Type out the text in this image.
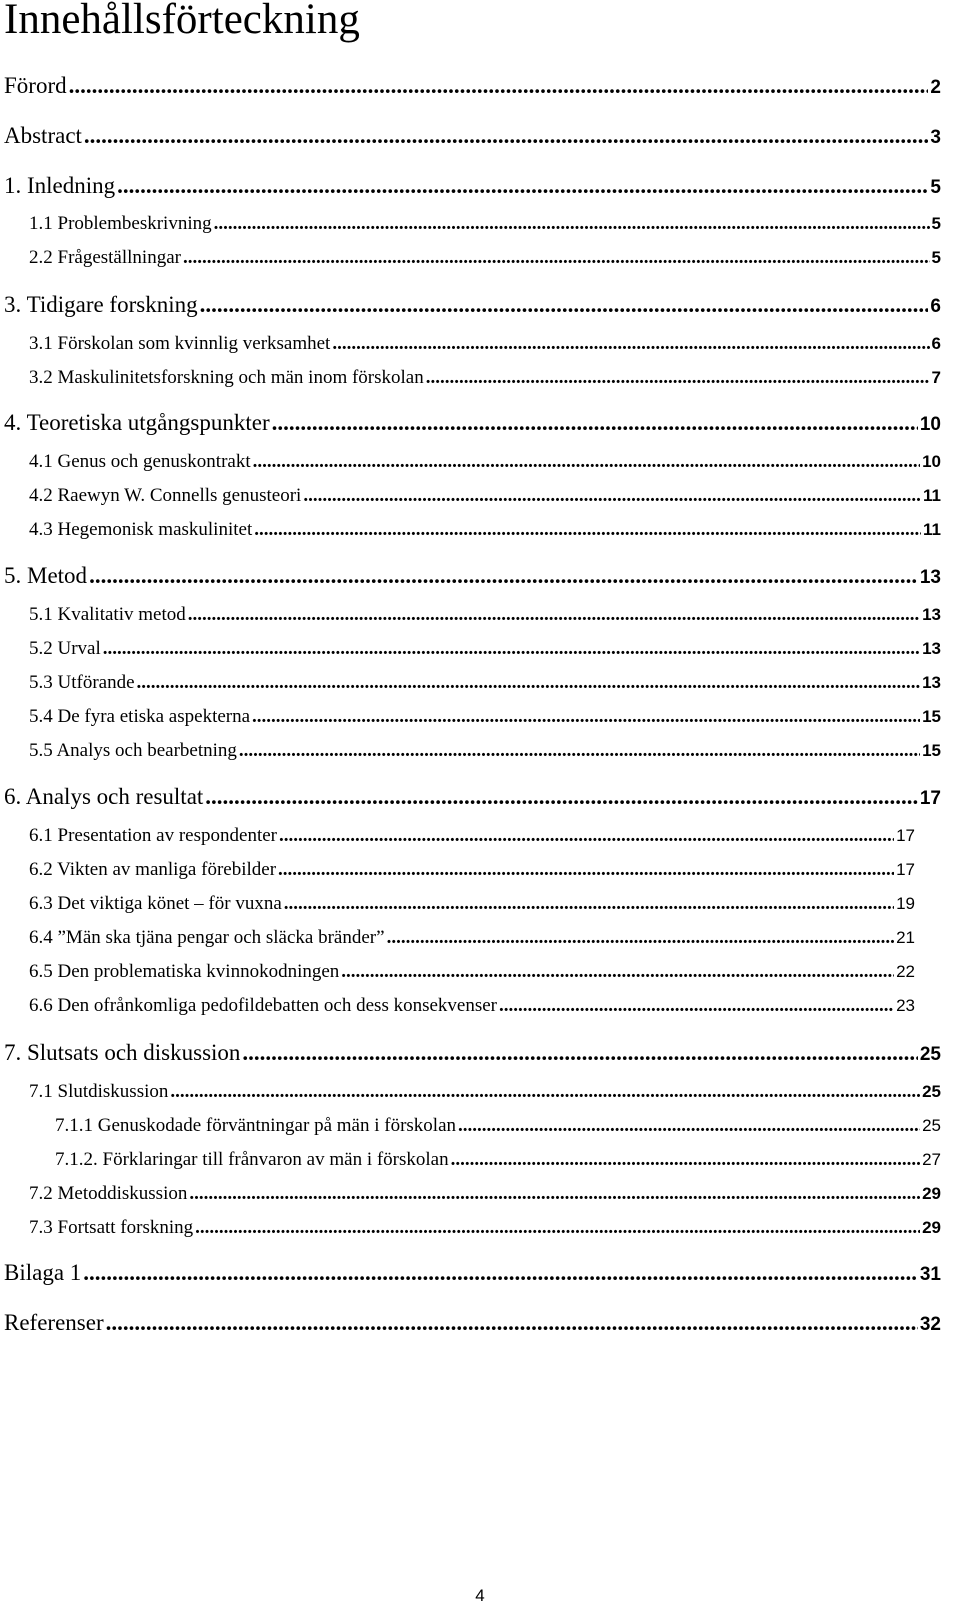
Innehållsförteckning
Förord .....	2
Abstract .....	3
1. Inledning .....	5
1.1 Problembeskrivning .....	5
2.2 Frågeställningar .....	5
3. Tidigare forskning .....	6
3.1 Förskolan som kvinnlig verksamhet .....	6
3.2 Maskulinitetsforskning och män inom förskolan .....	7
4. Teoretiska utgångspunkter .....	10
4.1 Genus och genuskontrakt .....	10
4.2 Raewyn W. Connells genusteori .....	11
4.3 Hegemonisk maskulinitet .....	11
5. Metod .....	13
5.1 Kvalitativ metod .....	13
5.2 Urval .....	13
5.3 Utförande .....	13
5.4 De fyra etiska aspekterna .....	15
5.5 Analys och bearbetning .....	15
6. Analys och resultat .....	17
6.1 Presentation av respondenter .....	17
6.2 Vikten av manliga förebilder .....	17
6.3 Det viktiga könet – för vuxna .....	19
6.4 ”Män ska tjäna pengar och släcka bränder” .....	21
6.5 Den problematiska kvinnokodningen .....	22
6.6 Den ofrånkomliga pedofildebatten och dess konsekvenser .....	23
7. Slutsats och diskussion .....	25
7.1 Slutdiskussion .....	25
7.1.1 Genuskodade förväntningar på män i förskolan .....	25
7.1.2. Förklaringar till frånvaron av män i förskolan .....	27
7.2 Metoddiskussion .....	29
7.3 Fortsatt forskning .....	29
Bilaga 1 .....	31
Referenser .....	32
4
